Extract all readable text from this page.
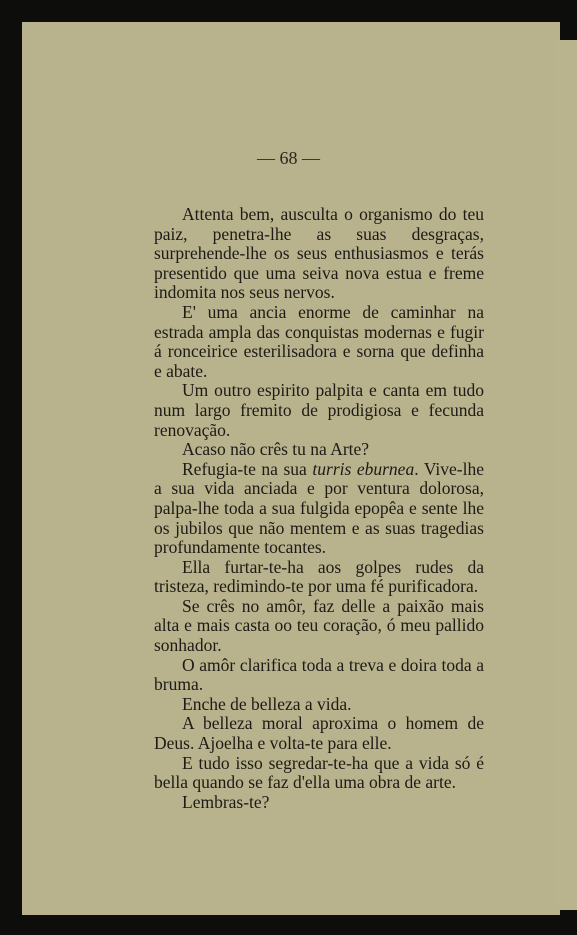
— 68 —

Attenta bem, ausculta o organismo do teu paiz, penetra-lhe as suas desgraças, surprehende-lhe os seus enthusiasmos e terás presentido que uma seiva nova estua e freme indomita nos seus nervos.

E' uma ancia enorme de caminhar na estrada ampla das conquistas modernas e fugir á ronceirice esterilisadora e sorna que definha e abate.

Um outro espirito palpita e canta em tudo num largo fremito de prodigiosa e fecunda renovação.

Acaso não crês tu na Arte?

Refugia-te na sua turris eburnea. Vive-lhe a sua vida anciada e por ventura dolorosa, palpa-lhe toda a sua fulgida epopêa e sente lhe os jubilos que não mentem e as suas tragedias profundamente tocantes.

Ella furtar-te-ha aos golpes rudes da tristeza, redimindo-te por uma fé purificadora.

Se crês no amôr, faz delle a paixão mais alta e mais casta oo teu coração, ó meu pallido sonhador.

O amôr clarifica toda a treva e doira toda a bruma.

Enche de belleza a vida.

A belleza moral aproxima o homem de Deus. Ajoelha e volta-te para elle.

E tudo isso segredar-te-ha que a vida só é bella quando se faz d'ella uma obra de arte.

Lembras-te?
